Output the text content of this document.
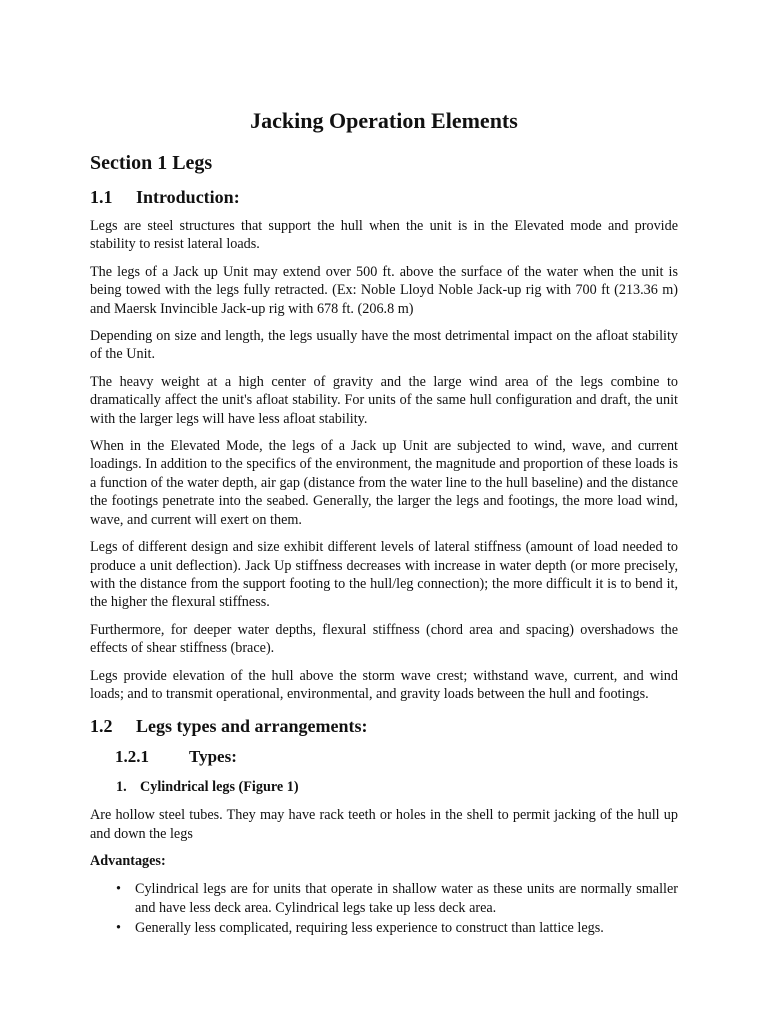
Jacking Operation Elements
Section 1 Legs
1.1	Introduction:

Legs are steel structures that support the hull when the unit is in the Elevated mode and provide stability to resist lateral loads.

The legs of a Jack up Unit may extend over 500 ft. above the surface of the water when the unit is being towed with the legs fully retracted. (Ex: Noble Lloyd Noble Jack-up rig with 700 ft (213.36 m) and Maersk Invincible Jack-up rig with 678 ft. (206.8 m)

Depending on size and length, the legs usually have the most detrimental impact on the afloat stability of the Unit.

The heavy weight at a high center of gravity and the large wind area of the legs combine to dramatically affect the unit's afloat stability. For units of the same hull configuration and draft, the unit with the larger legs will have less afloat stability.

When in the Elevated Mode, the legs of a Jack up Unit are subjected to wind, wave, and current loadings. In addition to the specifics of the environment, the magnitude and proportion of these loads is a function of the water depth, air gap (distance from the water line to the hull baseline) and the distance the footings penetrate into the seabed. Generally, the larger the legs and footings, the more load wind, wave, and current will exert on them.

Legs of different design and size exhibit different levels of lateral stiffness (amount of load needed to produce a unit deflection). Jack Up stiffness decreases with increase in water depth (or more precisely, with the distance from the support footing to the hull/leg connection); the more difficult it is to bend it, the higher the flexural stiffness.

Furthermore, for deeper water depths, flexural stiffness (chord area and spacing) overshadows the effects of shear stiffness (brace).

Legs provide elevation of the hull above the storm wave crest; withstand wave, current, and wind loads; and to transmit operational, environmental, and gravity loads between the hull and footings.

1.2	Legs types and arrangements:
1.2.1	Types:
1. Cylindrical legs (Figure 1)

Are hollow steel tubes. They may have rack teeth or holes in the shell to permit jacking of the hull up and down the legs

Advantages:
• Cylindrical legs are for units that operate in shallow water as these units are normally smaller and have less deck area. Cylindrical legs take up less deck area.
• Generally less complicated, requiring less experience to construct than lattice legs.
